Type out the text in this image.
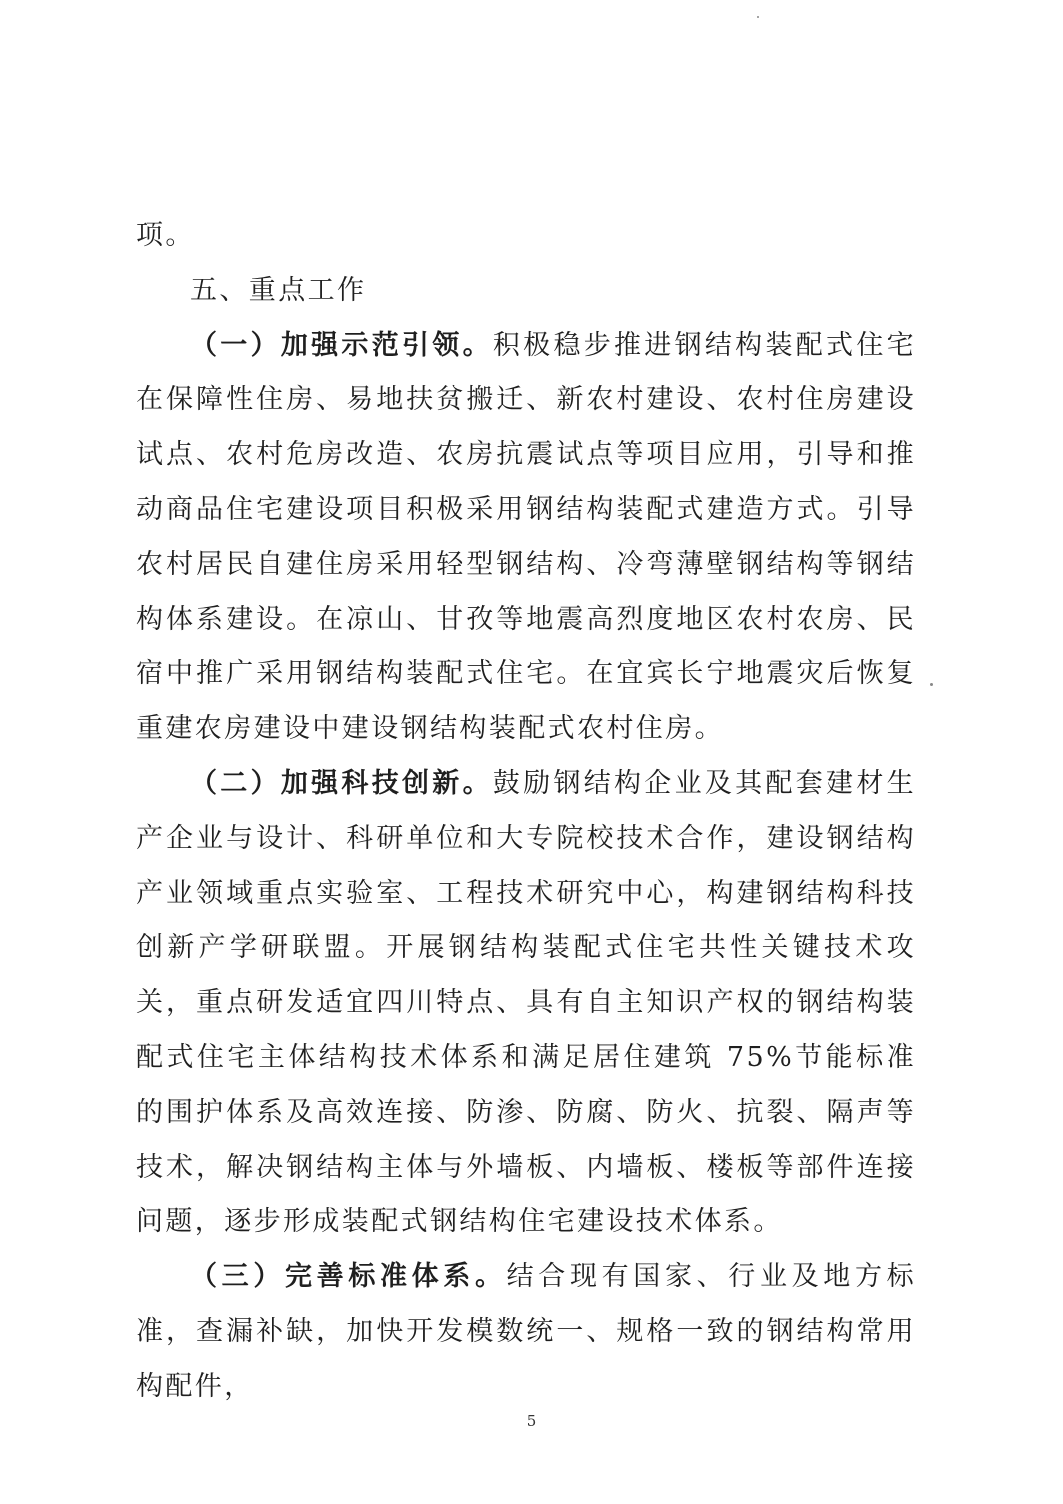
项。

五、重点工作

（一）加强示范引领。积极稳步推进钢结构装配式住宅在保障性住房、易地扶贫搬迁、新农村建设、农村住房建设试点、农村危房改造、农房抗震试点等项目应用，引导和推动商品住宅建设项目积极采用钢结构装配式建造方式。引导农村居民自建住房采用轻型钢结构、冷弯薄壁钢结构等钢结构体系建设。在凉山、甘孜等地震高烈度地区农村农房、民宿中推广采用钢结构装配式住宅。在宜宾长宁地震灾后恢复重建农房建设中建设钢结构装配式农村住房。

（二）加强科技创新。鼓励钢结构企业及其配套建材生产企业与设计、科研单位和大专院校技术合作，建设钢结构产业领域重点实验室、工程技术研究中心，构建钢结构科技创新产学研联盟。开展钢结构装配式住宅共性关键技术攻关，重点研发适宜四川特点、具有自主知识产权的钢结构装配式住宅主体结构技术体系和满足居住建筑 75%节能标准的围护体系及高效连接、防渗、防腐、防火、抗裂、隔声等技术，解决钢结构主体与外墙板、内墙板、楼板等部件连接问题，逐步形成装配式钢结构住宅建设技术体系。

（三）完善标准体系。结合现有国家、行业及地方标准，查漏补缺，加快开发模数统一、规格一致的钢结构常用构配件，

5
